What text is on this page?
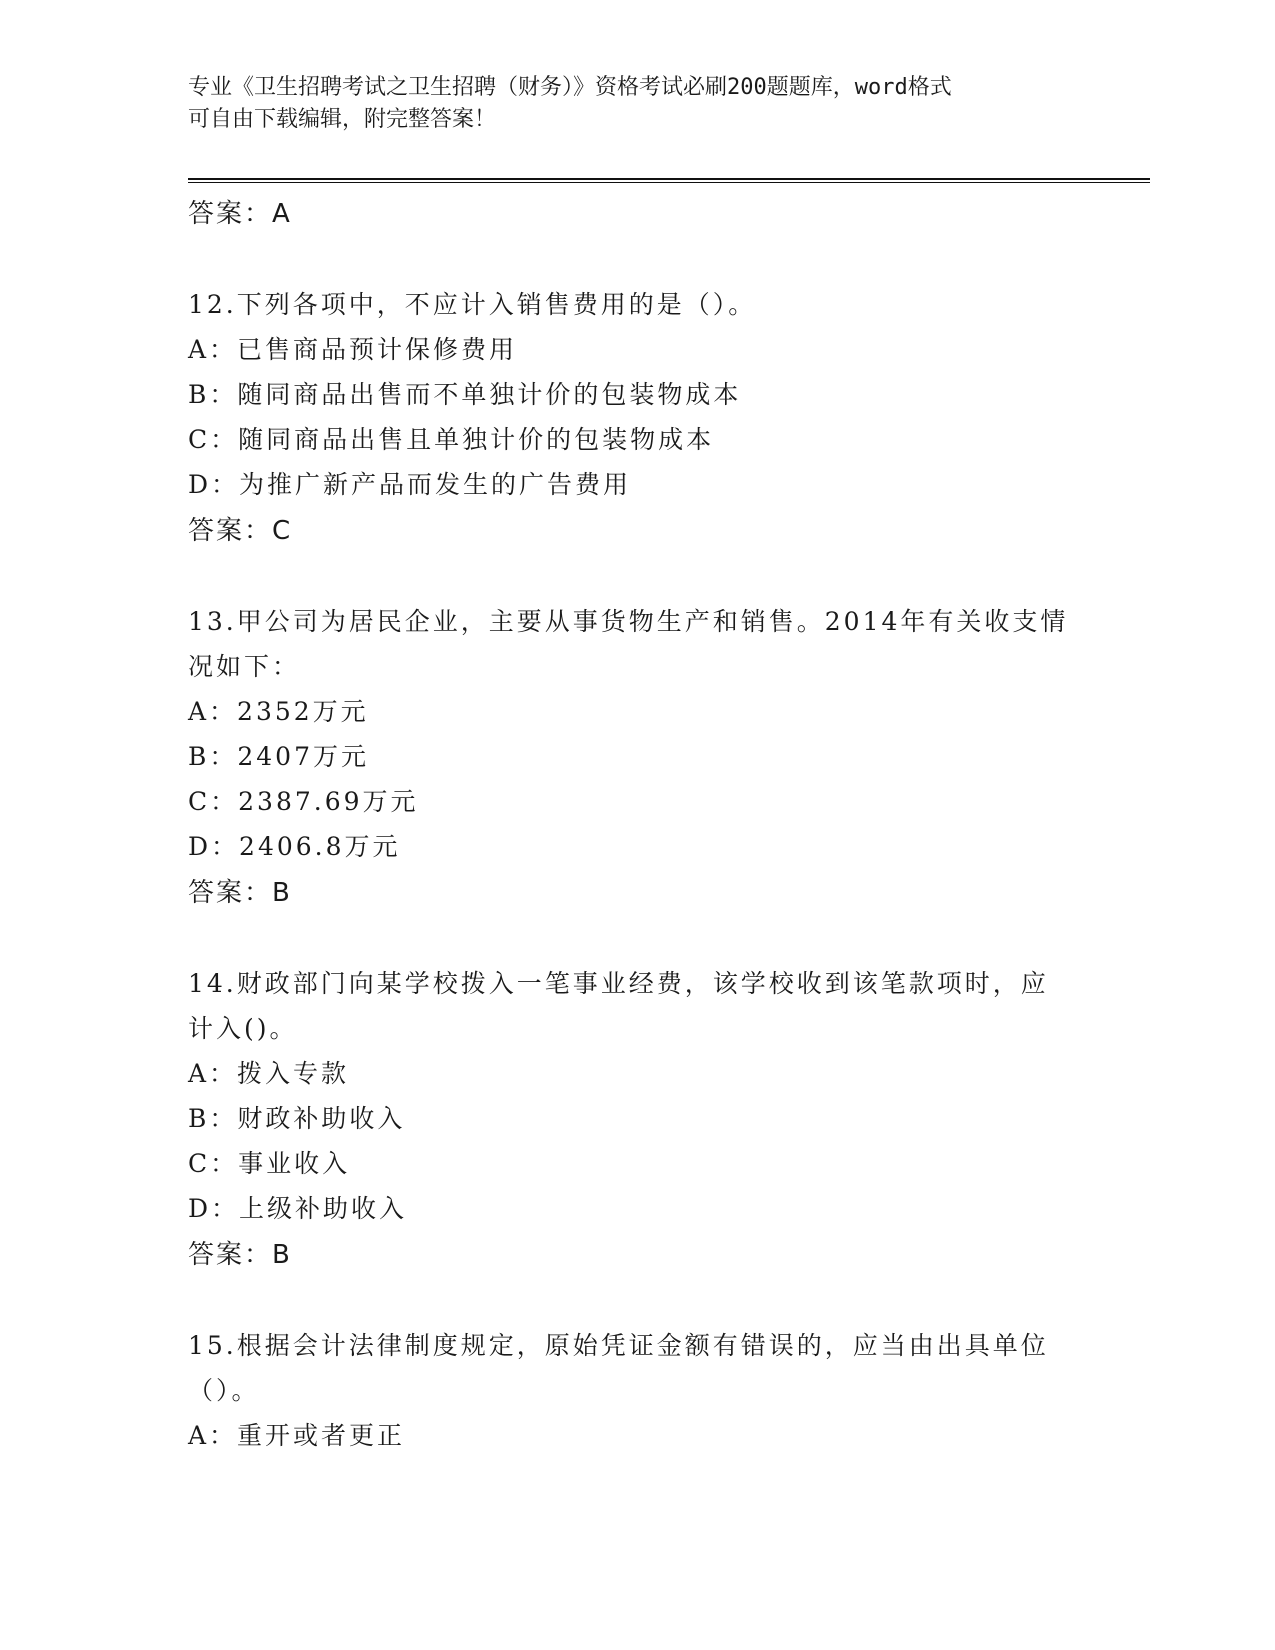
专业《卫生招聘考试之卫生招聘（财务）》资格考试必刷200题题库，word格式
可自由下载编辑，附完整答案！
答案：A
12.下列各项中，不应计入销售费用的是（）。
A：已售商品预计保修费用
B：随同商品出售而不单独计价的包装物成本
C：随同商品出售且单独计价的包装物成本
D：为推广新产品而发生的广告费用
答案：C
13.甲公司为居民企业，主要从事货物生产和销售。2014年有关收支情
况如下：
A：2352万元
B：2407万元
C：2387.69万元
D：2406.8万元
答案：B
14.财政部门向某学校拨入一笔事业经费，该学校收到该笔款项时，应
计入()。
A：拨入专款
B：财政补助收入
C：事业收入
D：上级补助收入
答案：B
15.根据会计法律制度规定，原始凭证金额有错误的，应当由出具单位
（）。
A：重开或者更正
